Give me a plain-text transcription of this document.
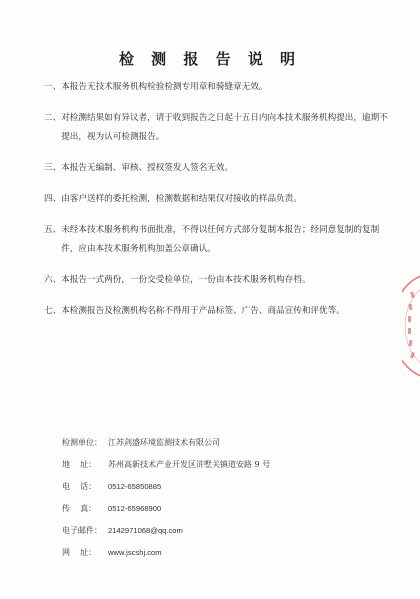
检 测 报 告 说 明
一、 本报告无技术服务机构检验检测专用章和骑缝章无效。
二、 对检测结果如有异议者，请于收到报告之日起十五日内向本技术服务机构提出，逾期不提出，视为认可检测报告。
三、 本报告无编制、审核、授权签发人签名无效。
四、 由客户送样的委托检测，检测数据和结果仅对接收的样品负责。
五、 未经本技术服务机构书面批准，不得以任何方式部分复制本报告；经同意复制的复制件，应由本技术服务机构加盖公章确认。
六、 本报告一式两份，一份交受检单位，一份由本技术服务机构存档。
七、 本检测报告及检测机构名称不得用于产品标签、广告、商品宣传和评优等。
检测单位： 江苏剑盛环境监测技术有限公司
地    址：	苏州高新技术产业开发区浒墅关镇道安路 9 号
电    话：	0512-65850885
传    真：	0512-65968900
电子邮件： 2142971068@qq.com
网    址：	www.jscshj.com
